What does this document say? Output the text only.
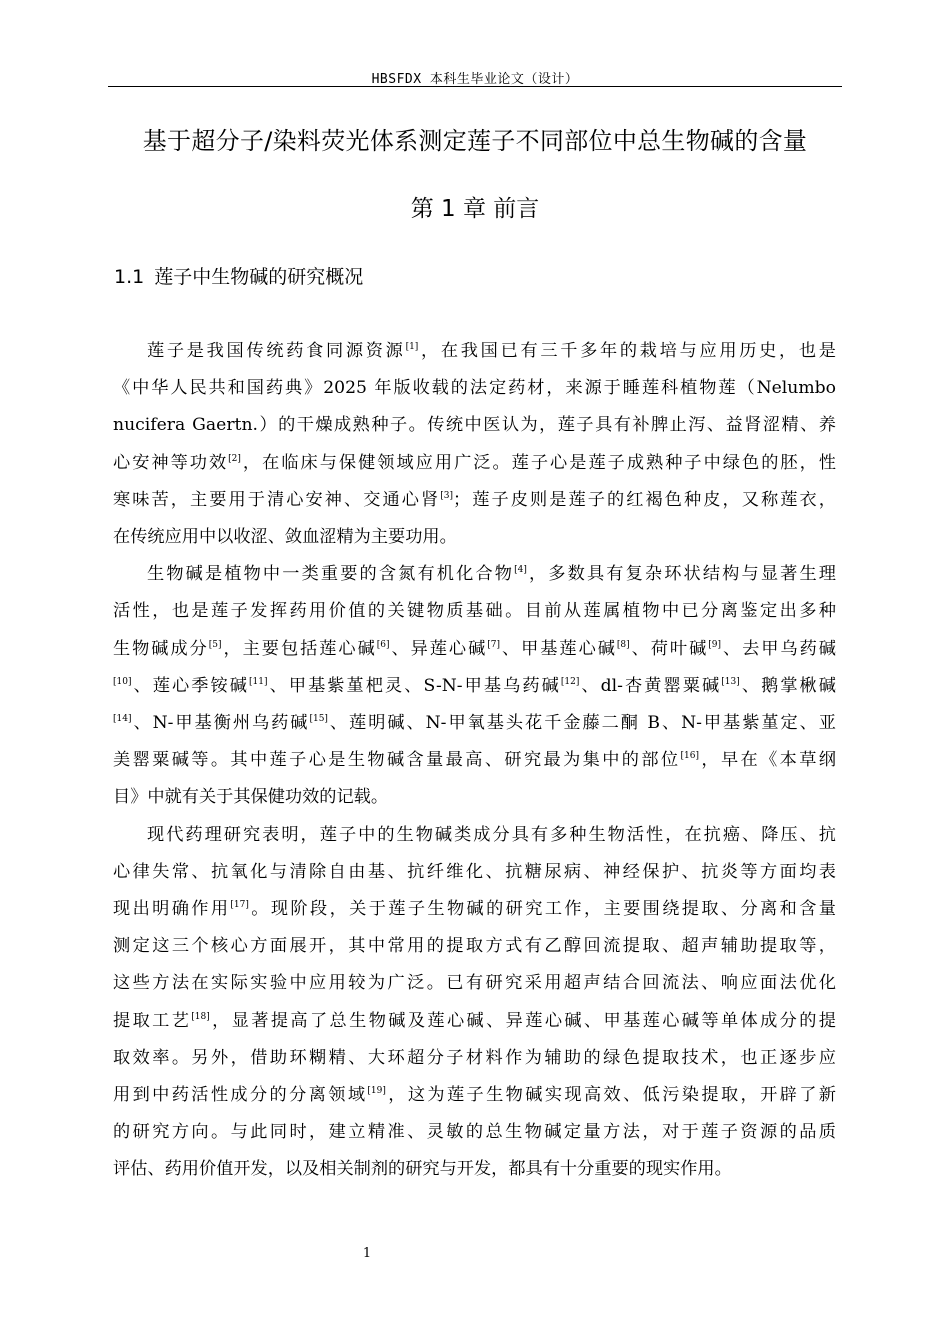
HBSFDX 本科生毕业论文（设计）
基于超分子/染料荧光体系测定莲子不同部位中总生物碱的含量
第 1 章 前言
1.1 莲子中生物碱的研究概况

莲子是我国传统药食同源资源[1]，在我国已有三千多年的栽培与应用历史，也是
《中华人民共和国药典》2025 年版收载的法定药材，来源于睡莲科植物莲（Nelumbo
nucifera Gaertn.）的干燥成熟种子。传统中医认为，莲子具有补脾止泻、益肾涩精、养
心安神等功效[2]，在临床与保健领域应用广泛。莲子心是莲子成熟种子中绿色的胚，性
寒味苦，主要用于清心安神、交通心肾[3]；莲子皮则是莲子的红褐色种皮，又称莲衣，
在传统应用中以收涩、敛血涩精为主要功用。

生物碱是植物中一类重要的含氮有机化合物[4]，多数具有复杂环状结构与显著生理
活性，也是莲子发挥药用价值的关键物质基础。目前从莲属植物中已分离鉴定出多种
生物碱成分[5]，主要包括莲心碱[6]、异莲心碱[7]、甲基莲心碱[8]、荷叶碱[9]、去甲乌药碱
[10]、莲心季铵碱[11]、甲基紫堇杷灵、S-N-甲基乌药碱[12]、dl-杏黄罂粟碱[13]、鹅掌楸碱
[14]、N-甲基衡州乌药碱[15]、莲明碱、N-甲氧基头花千金藤二酮 B、N-甲基紫堇定、亚
美罂粟碱等。其中莲子心是生物碱含量最高、研究最为集中的部位[16]，早在《本草纲
目》中就有关于其保健功效的记载。

现代药理研究表明，莲子中的生物碱类成分具有多种生物活性，在抗癌、降压、抗
心律失常、抗氧化与清除自由基、抗纤维化、抗糖尿病、神经保护、抗炎等方面均表
现出明确作用[17]。现阶段，关于莲子生物碱的研究工作，主要围绕提取、分离和含量
测定这三个核心方面展开，其中常用的提取方式有乙醇回流提取、超声辅助提取等，
这些方法在实际实验中应用较为广泛。已有研究采用超声结合回流法、响应面法优化
提取工艺[18]，显著提高了总生物碱及莲心碱、异莲心碱、甲基莲心碱等单体成分的提
取效率。另外，借助环糊精、大环超分子材料作为辅助的绿色提取技术，也正逐步应
用到中药活性成分的分离领域[19]，这为莲子生物碱实现高效、低污染提取，开辟了新
的研究方向。与此同时，建立精准、灵敏的总生物碱定量方法，对于莲子资源的品质
评估、药用价值开发，以及相关制剂的研究与开发，都具有十分重要的现实作用。

1
